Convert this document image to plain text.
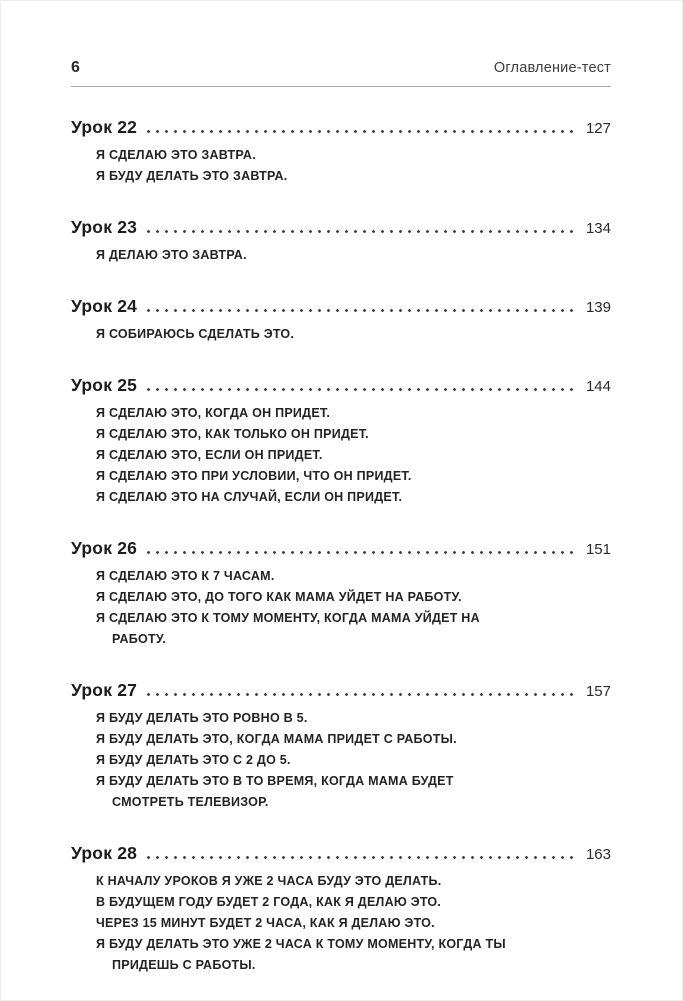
6	Оглавление-тест
Урок 22	127
Я СДЕЛАЮ ЭТО ЗАВТРА.
Я БУДУ ДЕЛАТЬ ЭТО ЗАВТРА.
Урок 23	134
Я ДЕЛАЮ ЭТО ЗАВТРА.
Урок 24	139
Я СОБИРАЮСЬ СДЕЛАТЬ ЭТО.
Урок 25	144
Я СДЕЛАЮ ЭТО, КОГДА ОН ПРИДЕТ.
Я СДЕЛАЮ ЭТО, КАК ТОЛЬКО ОН ПРИДЕТ.
Я СДЕЛАЮ ЭТО, ЕСЛИ ОН ПРИДЕТ.
Я СДЕЛАЮ ЭТО ПРИ УСЛОВИИ, ЧТО ОН ПРИДЕТ.
Я СДЕЛАЮ ЭТО НА СЛУЧАЙ, ЕСЛИ ОН ПРИДЕТ.
Урок 26	151
Я СДЕЛАЮ ЭТО К 7 ЧАСАМ.
Я СДЕЛАЮ ЭТО, ДО ТОГО КАК МАМА УЙДЕТ НА РАБОТУ.
Я СДЕЛАЮ ЭТО К ТОМУ МОМЕНТУ, КОГДА МАМА УЙДЕТ НА РАБОТУ.
Урок 27	157
Я БУДУ ДЕЛАТЬ ЭТО РОВНО В 5.
Я БУДУ ДЕЛАТЬ ЭТО, КОГДА МАМА ПРИДЕТ С РАБОТЫ.
Я БУДУ ДЕЛАТЬ ЭТО С 2 ДО 5.
Я БУДУ ДЕЛАТЬ ЭТО В ТО ВРЕМЯ, КОГДА МАМА БУДЕТ СМОТРЕТЬ ТЕЛЕВИЗОР.
Урок 28	163
К НАЧАЛУ УРОКОВ Я УЖЕ 2 ЧАСА БУДУ ЭТО ДЕЛАТЬ.
В БУДУЩЕМ ГОДУ БУДЕТ 2 ГОДА, КАК Я ДЕЛАЮ ЭТО.
ЧЕРЕЗ 15 МИНУТ БУДЕТ 2 ЧАСА, КАК Я ДЕЛАЮ ЭТО.
Я БУДУ ДЕЛАТЬ ЭТО УЖЕ 2 ЧАСА К ТОМУ МОМЕНТУ, КОГДА ТЫ ПРИДЕШЬ С РАБОТЫ.
